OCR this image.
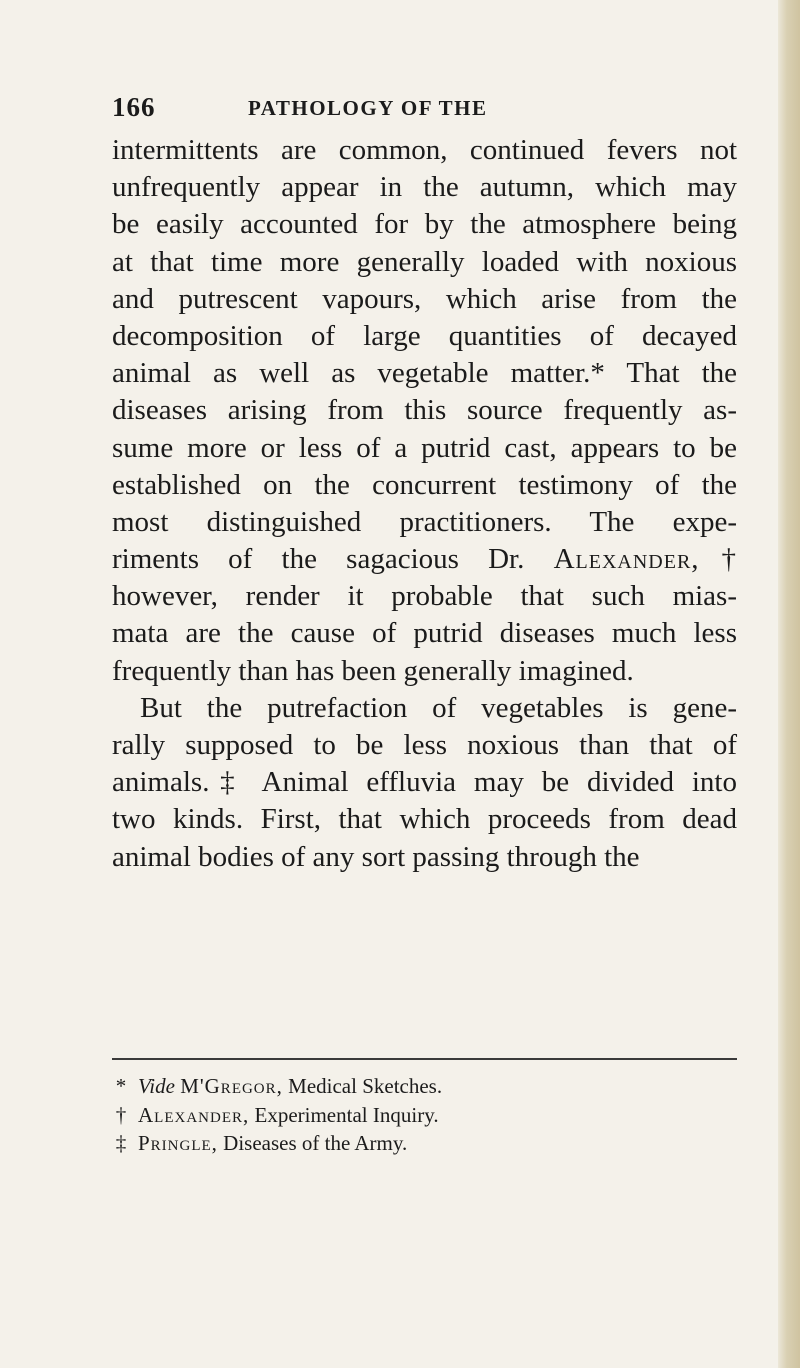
166	PATHOLOGY OF THE
intermittents are common, continued fevers not
unfrequently appear in the autumn, which may
be easily accounted for by the atmosphere being
at that time more generally loaded with noxious
and putrescent vapours, which arise from the
decomposition of large quantities of decayed
animal as well as vegetable matter.* That the
diseases arising from this source frequently as-
sume more or less of a putrid cast, appears to be
established on the concurrent testimony of the
most distinguished practitioners. The expe-
riments of the sagacious Dr. Alexander,†
however, render it probable that such mias-
mata are the cause of putrid diseases much less
frequently than has been generally imagined.
But the putrefaction of vegetables is gene-
rally supposed to be less noxious than that of
animals.‡ Animal effluvia may be divided into
two kinds. First, that which proceeds from dead
animal bodies of any sort passing through the
* Vide M'Gregor, Medical Sketches.
† Alexander, Experimental Inquiry.
‡ Pringle, Diseases of the Army.
